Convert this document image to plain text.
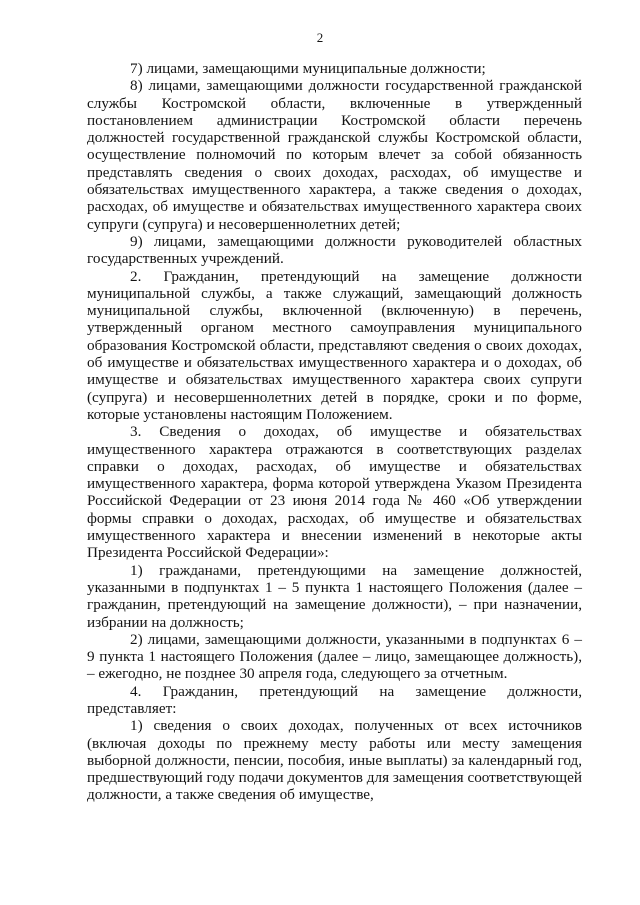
2

7) лицами, замещающими муниципальные должности;

8) лицами, замещающими должности государственной гражданской службы Костромской области, включенные в утвержденный постановлением администрации Костромской области перечень должностей государственной гражданской службы Костромской области, осуществление полномочий по которым влечет за собой обязанность представлять сведения о своих доходах, расходах, об имуществе и обязательствах имущественного характера, а также сведения о доходах, расходах, об имуществе и обязательствах имущественного характера своих супруги (супруга) и несовершеннолетних детей;

9) лицами, замещающими должности руководителей областных государственных учреждений.

2. Гражданин, претендующий на замещение должности муниципальной службы, а также служащий, замещающий должность муниципальной службы, включенной (включенную) в перечень, утвержденный органом местного самоуправления муниципального образования Костромской области, представляют сведения о своих доходах, об имуществе и обязательствах имущественного характера и о доходах, об имуществе и обязательствах имущественного характера своих супруги (супруга) и несовершеннолетних детей в порядке, сроки и по форме, которые установлены настоящим Положением.

3. Сведения о доходах, об имуществе и обязательствах имущественного характера отражаются в соответствующих разделах справки о доходах, расходах, об имуществе и обязательствах имущественного характера, форма которой утверждена Указом Президента Российской Федерации от 23 июня 2014 года № 460 «Об утверждении формы справки о доходах, расходах, об имуществе и обязательствах имущественного характера и внесении изменений в некоторые акты Президента Российской Федерации»:

1) гражданами, претендующими на замещение должностей, указанными в подпунктах 1 – 5 пункта 1 настоящего Положения (далее – гражданин, претендующий на замещение должности), – при назначении, избрании на должность;

2) лицами, замещающими должности, указанными в подпунктах 6 – 9 пункта 1 настоящего Положения (далее – лицо, замещающее должность), – ежегодно, не позднее 30 апреля года, следующего за отчетным.

4. Гражданин, претендующий на замещение должности, представляет:

1) сведения о своих доходах, полученных от всех источников (включая доходы по прежнему месту работы или месту замещения выборной должности, пенсии, пособия, иные выплаты) за календарный год, предшествующий году подачи документов для замещения соответствующей должности, а также сведения об имуществе,
